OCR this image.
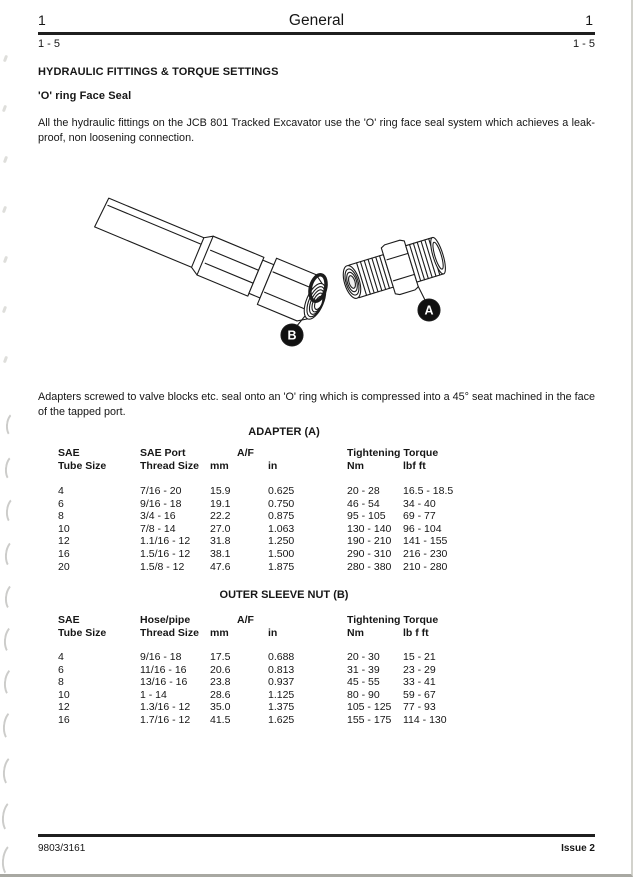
1	General	1
1 - 5	1 - 5
HYDRAULIC FITTINGS & TORQUE SETTINGS
'O' ring Face Seal
All the hydraulic fittings on the JCB 801 Tracked Excavator use the 'O' ring face seal system which achieves a leak-proof, non loosening connection.
B
A
Adapters screwed to valve blocks etc. seal onto an 'O' ring which is compressed into a 45° seat machined in the face of the tapped port.
ADAPTER (A)
SAE	SAE Port	A/F	Tightening Torque
Tube Size	Thread Size	mm	in	Nm	lbf ft
4	7/16 - 20	15.9	0.625	20 - 28	16.5 - 18.5
6	9/16 - 18	19.1	0.750	46 - 54	34 - 40
8	3/4 - 16	22.2	0.875	95 - 105	69 - 77
10	7/8 - 14	27.0	1.063	130 - 140	96 - 104
12	1.1/16 - 12	31.8	1.250	190 - 210	141 - 155
16	1.5/16 - 12	38.1	1.500	290 - 310	216 - 230
20	1.5/8 - 12	47.6	1.875	280 - 380	210 - 280
OUTER SLEEVE NUT (B)
SAE	Hose/pipe	A/F	Tightening Torque
Tube Size	Thread Size	mm	in	Nm	lb f ft
4	9/16 - 18	17.5	0.688	20 - 30	15 - 21
6	11/16 - 16	20.6	0.813	31 - 39	23 - 29
8	13/16 - 16	23.8	0.937	45 - 55	33 - 41
10	1 - 14	28.6	1.125	80 - 90	59 - 67
12	1.3/16 - 12	35.0	1.375	105 - 125	77 - 93
16	1.7/16 - 12	41.5	1.625	155 - 175	114 - 130
9803/3161	Issue 2
